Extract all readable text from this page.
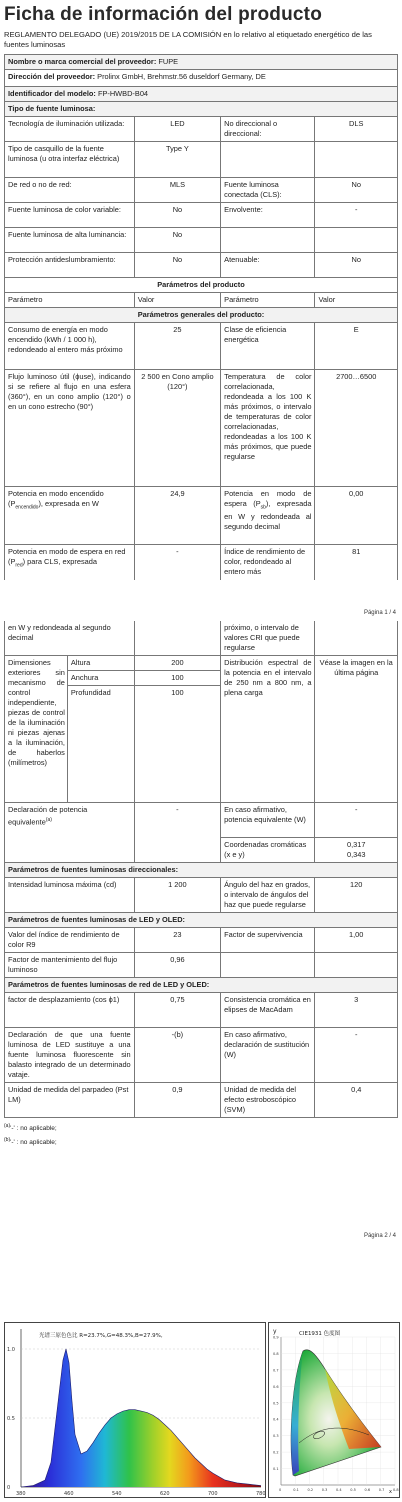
Ficha de información del producto
REGLAMENTO DELEGADO (UE) 2019/2015 DE LA COMISIÓN en lo relativo al etiquetado energético de las fuentes luminosas
Nombre o marca comercial del proveedor: FUPE			
Dirección del proveedor: Prolinx GmbH, Brehmstr.56 duseldorf Germany, DE			
Identificador del modelo: FP-HWBD-B04			
Tipo de fuente luminosa:			
Tecnología de iluminación utilizada:	LED	No direccional o direccional:	DLS
Tipo de casquillo de la fuente luminosa (u otra interfaz eléctrica)	Type Y		
De red o no de red:	MLS	Fuente luminosa conectada (CLS):	No
Fuente luminosa de color variable:	No	Envolvente:	-
Fuente luminosa de alta luminancia:	No		
Protección antideslumbramiento:	No	Atenuable:	No
Parámetros del producto			
Parámetro	Valor	Parámetro	Valor
Parámetros generales del producto:			
Consumo de energía en modo encendido (kWh / 1 000 h), redondeado al entero más próximo	25	Clase de eficiencia energética	E
Flujo luminoso útil (ϕuse), indicando si se refiere al flujo en una esfera (360°), en un cono amplio (120°) o en un cono estrecho (90°)	2 500 en Cono amplio (120°)	Temperatura de color correlacionada, redondeada a los 100 K más próximos, o intervalo de temperaturas de color correlacionadas, redondeadas a los 100 K más próximos, que puede regularse	2700…6500
Potencia en modo encendido $(P_{encendido})$, expresada en W	24,9	Potencia en modo de espera $(P_{sb})$, expresada en W y redondeada al segundo decimal	0,00
Potencia en modo de espera en red $(P_{red})$ para CLS, expresada	-	Índice de rendimiento de color, redondeado al entero más	81
Página 1 / 4
en W y redondeada al segundo decimal			próximo, o intervalo de valores CRI que puede regularse	
Dimensiones exteriores sin mecanismo de control independiente, piezas de control de la iluminación ni piezas ajenas a la iluminación, de haberlos (milímetros)	Altura	200	Distribución espectral de la potencia en el intervalo de 250 nm a 800 nm, a plena carga	Véase la imagen en la última página
	Anchura	100		
	Profundidad	100		
Declaración de potencia equivalente$^{(a)}$		-	En caso afirmativo, potencia equivalente (W)	-
			Coordenadas cromáticas (x e y)	0,317
0,343
Parámetros de fuentes luminosas direccionales:				
Intensidad luminosa máxima (cd)		1 200	Ángulo del haz en grados, o intervalo de ángulos del haz que puede regularse	120
Parámetros de fuentes luminosas de LED y OLED:				
Valor del índice de rendimiento de color R9		23	Factor de supervivencia	1,00
Factor de mantenimiento del flujo luminoso		0,96		
Parámetros de fuentes luminosas de red de LED y OLED:				
factor de desplazamiento (cos ϕ1)		0,75	Consistencia cromática en elipses de MacAdam	3
Declaración de que una fuente luminosa de LED sustituye a una fuente luminosa fluorescente sin balasto integrado de un determinado vataje.		-(b)	En caso afirmativo, declaración de sustitución (W)	-
Unidad de medida del parpadeo (Pst LM)		0,9	Unidad de medida del efecto estroboscópico (SVM)	0,4
$^{(a)}$'-' : no aplicable;
$^{(b)}$'-' : no aplicable;
Página 2 / 4
光谱三原色色比 R=23.7%,G=48.3%,B=27.9%,
1.0
0.5
0
380	460	540	620	700	780
y	CIE1931 色度图
0.9
0.8
0.7
0.6
0.5
0.4
0.3
0.2
0.1
0	0.1 0.2 0.3 0.4 0.5 0.6 0.7 0.8
x
